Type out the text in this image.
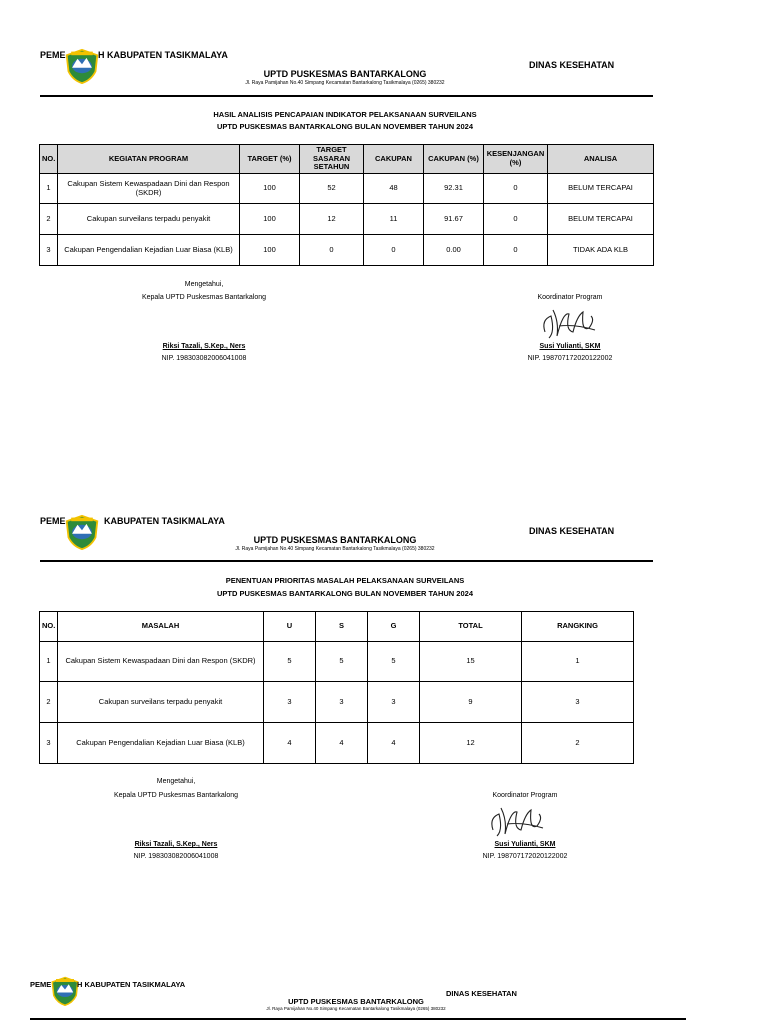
PEME	H KABUPATEN TASIKMALAYA
DINAS KESEHATAN
UPTD PUSKESMAS BANTARKALONG
Jl. Raya Pamijahan No.40 Simpang Kecamatan Bantarkalong Tasikmalaya (0265) 380232
HASIL ANALISIS PENCAPAIAN INDIKATOR PELAKSANAAN SURVEILANS
UPTD PUSKESMAS BANTARKALONG BULAN NOVEMBER TAHUN 2024
NO.	KEGIATAN PROGRAM	TARGET (%)	TARGET SASARAN SETAHUN	CAKUPAN	CAKUPAN (%)	KESENJANGAN (%)	ANALISA
1	Cakupan Sistem Kewaspadaan Dini dan Respon (SKDR)	100	52	48	92.31	0	BELUM TERCAPAI
2	Cakupan surveilans terpadu penyakit	100	12	11	91.67	0	BELUM TERCAPAI
3	Cakupan Pengendalian Kejadian Luar Biasa (KLB)	100	0	0	0.00	0	TIDAK ADA KLB
Mengetahui,
Kepala UPTD Puskesmas Bantarkalong
Riksi Tazali, S.Kep., Ners
NIP. 198303082006041008
Koordinator Program
Susi Yulianti, SKM
NIP. 198707172020122002
PEME	KABUPATEN TASIKMALAYA
DINAS KESEHATAN
UPTD PUSKESMAS BANTARKALONG
Jl. Raya Pamijahan No.40 Simpang Kecamatan Bantarkalong Tasikmalaya (0265) 380232
PENENTUAN PRIORITAS MASALAH PELAKSANAAN SURVEILANS
UPTD PUSKESMAS BANTARKALONG BULAN NOVEMBER TAHUN 2024
NO.	MASALAH	U	S	G	TOTAL	RANGKING
1	Cakupan Sistem Kewaspadaan Dini dan Respon (SKDR)	5	5	5	15	1
2	Cakupan surveilans terpadu penyakit	3	3	3	9	3
3	Cakupan Pengendalian Kejadian Luar Biasa (KLB)	4	4	4	12	2
Mengetahui,
Kepala UPTD Puskesmas Bantarkalong
Riksi Tazali, S.Kep., Ners
NIP. 198303082006041008
Koordinator Program
Susi Yulianti, SKM
NIP. 198707172020122002
PEME	H KABUPATEN TASIKMALAYA
DINAS KESEHATAN
UPTD PUSKESMAS BANTARKALONG
Jl. Raya Pamijahan No.40 Simpang Kecamatan Bantarkalong Tasikmalaya (0265) 380232
